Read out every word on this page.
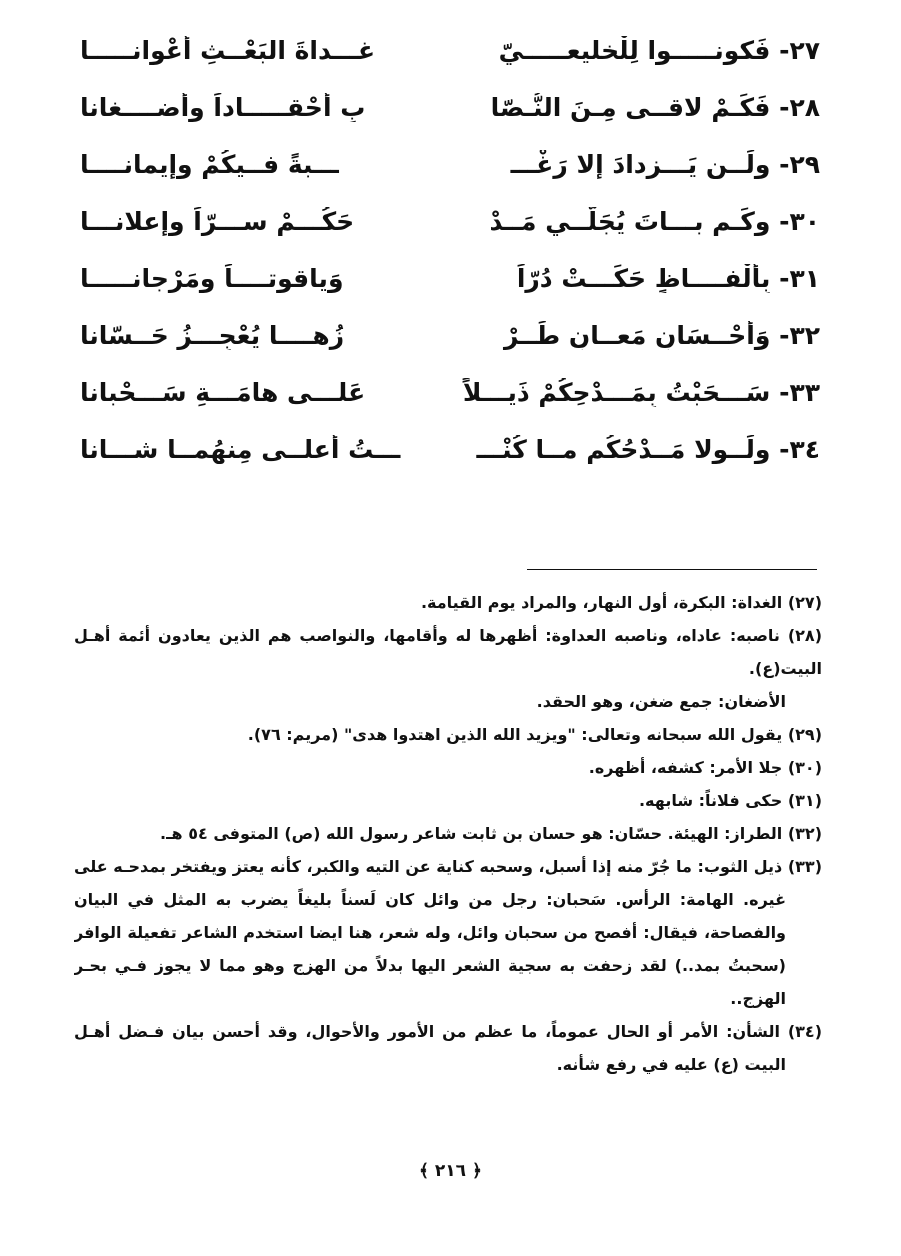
٢٧- فَكونـــــوا لِلْخليعـــــيّ
غـــداةَ البَعْــثِ أَعْوانـــــا
٢٨- فَكَـمْ لاقــى مِـنَ النُّـصّا
بِ أَحْقـــــاداً وأَضــــغانا
٢٩- ولَــن يَـــزدادَ إلا رَغْـــ
ـــبةً فــيكُمْ وإيمانــــا
٣٠- وكَـم بـــاتَ يُجَلّــي مَــدْ
حَكُـــمْ ســـرّاً وإعلانـــا
٣١- بِألْفــــاظٍ حَكَـــتْ دُرّاً
وَياقوتــــاً ومَرْجانـــــا
٣٢- وَأَحْــسَانِ مَعــانٍ طَــرْ
زُهــــا يُعْجِـــزُ حَــسّانا
٣٣- سَـــحَبْتُ بِمَـــدْحِكُمْ ذَيـــلاً
عَلـــى هامَـــةِ سَـــحْبانا
٣٤- ولَــولا مَــدْحُكُم مــا كُنْـــ
ـــتُ أَعلــى مِنهُمــا شـــانا
(٢٧) الغداة: البكرة، أول النهار، والمراد يوم القيامة.
(٢٨) ناصبه: عاداه، وناصبه العداوة: أظهرها له وأقامها، والنواصب هم الذين يعادون أئمة أهـل البيت(ع).
الأضغان: جمع ضغن، وهو الحقد.
(٢٩) يقول الله سبحانه وتعالى: "ويزيد الله الذين اهتدوا هدى" (مريم: ٧٦).
(٣٠) جلا الأمر: كشفه، أظهره.
(٣١) حكى فلاناً: شابهه.
(٣٢) الطراز: الهيئة. حسّان: هو حسان بن ثابت شاعر رسول الله (ص) المتوفى ٥٤ هـ.
(٣٣) ذيل الثوب: ما جُرّ منه إذا أسبل، وسحبه كناية عن التيه والكبر، كأنه يعتز ويفتخر بمدحـه على غيره. الهامة: الرأس. سَحبان: رجل من وائل كان لَسناً بليغاً يضرب به المثل في البيان والفصاحة، فيقال: أفصح من سحبان وائل، وله شعر، هنا ايضا استخدم الشاعر تفعيلة الوافر (سحبتُ بمد..) لقد زحفت به سجية الشعر اليها بدلاً من الهزج وهو مما لا يجوز فـي بحـر الهزج..
(٣٤) الشأن: الأمر أو الحال عموماً، ما عظم من الأمور والأحوال، وقد أحسن بيان فـضل أهـل البيت (ع) عليه في رفع شأنه.
﴿ ٢١٦ ﴾
